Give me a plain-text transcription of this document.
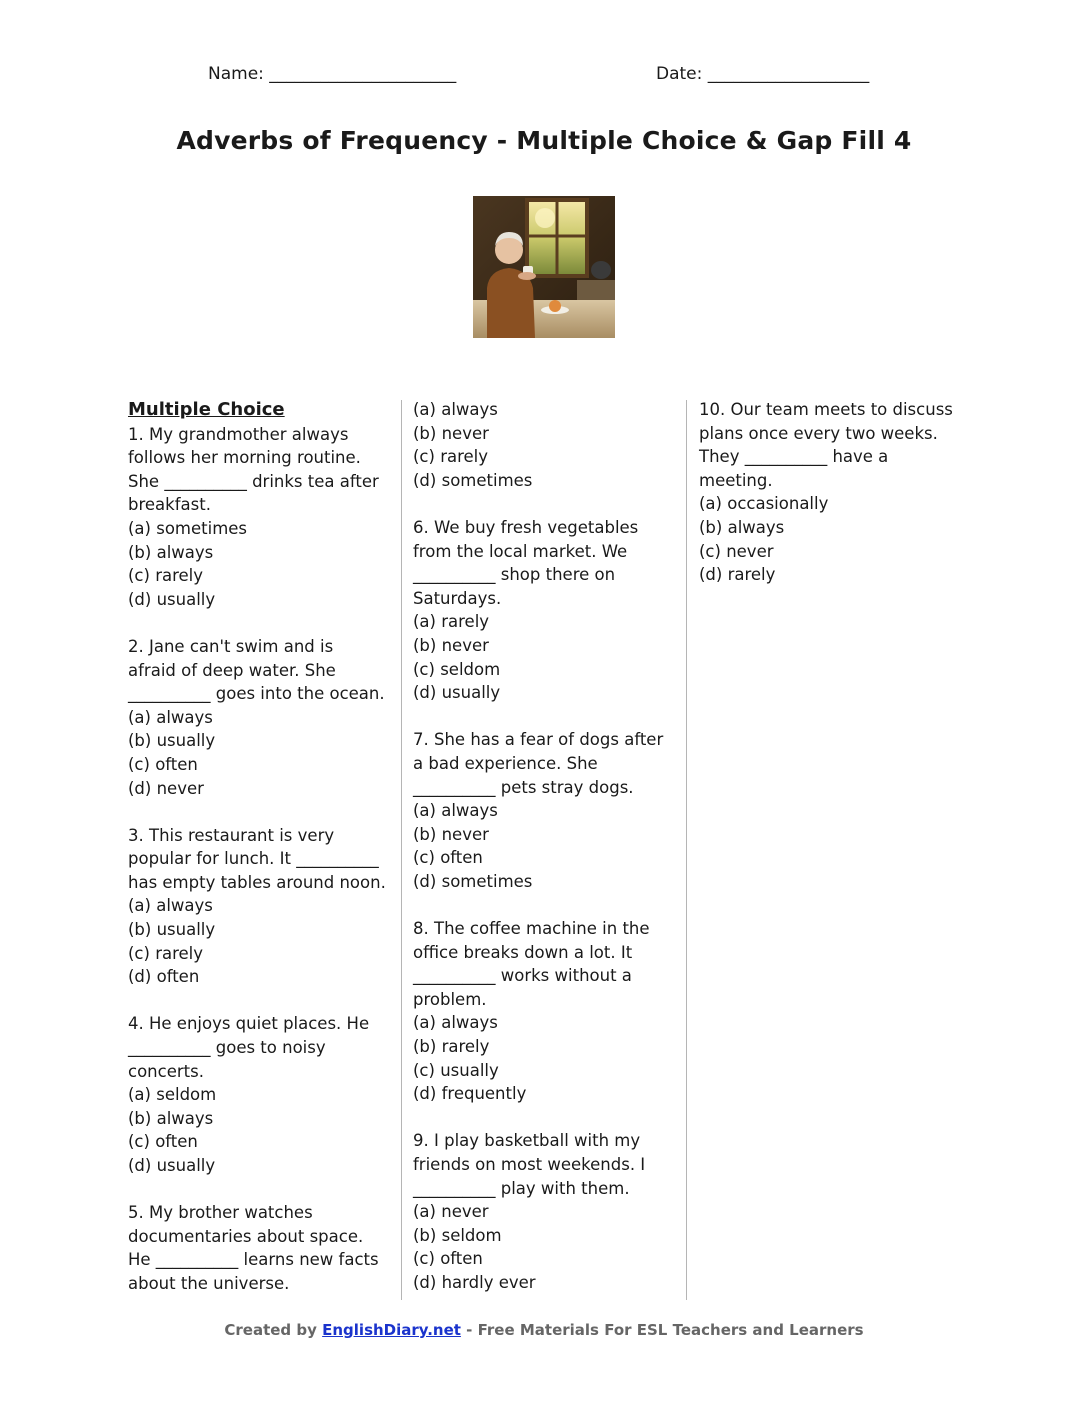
Name: ______________________	Date: ___________________
Adverbs of Frequency - Multiple Choice & Gap Fill 4
Multiple Choice

1. My grandmother always follows her morning routine. She __________ drinks tea after breakfast.

(a) sometimes
(b) always
(c) rarely
(d) usually

2. Jane can't swim and is afraid of deep water. She __________ goes into the ocean.

(a) always
(b) usually
(c) often
(d) never

3. This restaurant is very popular for lunch. It __________ has empty tables around noon.

(a) always
(b) usually
(c) rarely
(d) often

4. He enjoys quiet places. He __________ goes to noisy concerts.

(a) seldom
(b) always
(c) often
(d) usually

5. My brother watches documentaries about space. He __________ learns new facts about the universe.

(a) always
(b) never
(c) rarely
(d) sometimes

6. We buy fresh vegetables from the local market. We __________ shop there on Saturdays.

(a) rarely
(b) never
(c) seldom
(d) usually

7. She has a fear of dogs after a bad experience. She __________ pets stray dogs.

(a) always
(b) never
(c) often
(d) sometimes

8. The coffee machine in the office breaks down a lot. It __________ works without a problem.

(a) always
(b) rarely
(c) usually
(d) frequently

9. I play basketball with my friends on most weekends. I __________ play with them.

(a) never
(b) seldom
(c) often
(d) hardly ever

10. Our team meets to discuss plans once every two weeks. They __________ have a meeting.

(a) occasionally
(b) always
(c) never
(d) rarely
Created by EnglishDiary.net - Free Materials For ESL Teachers and Learners
